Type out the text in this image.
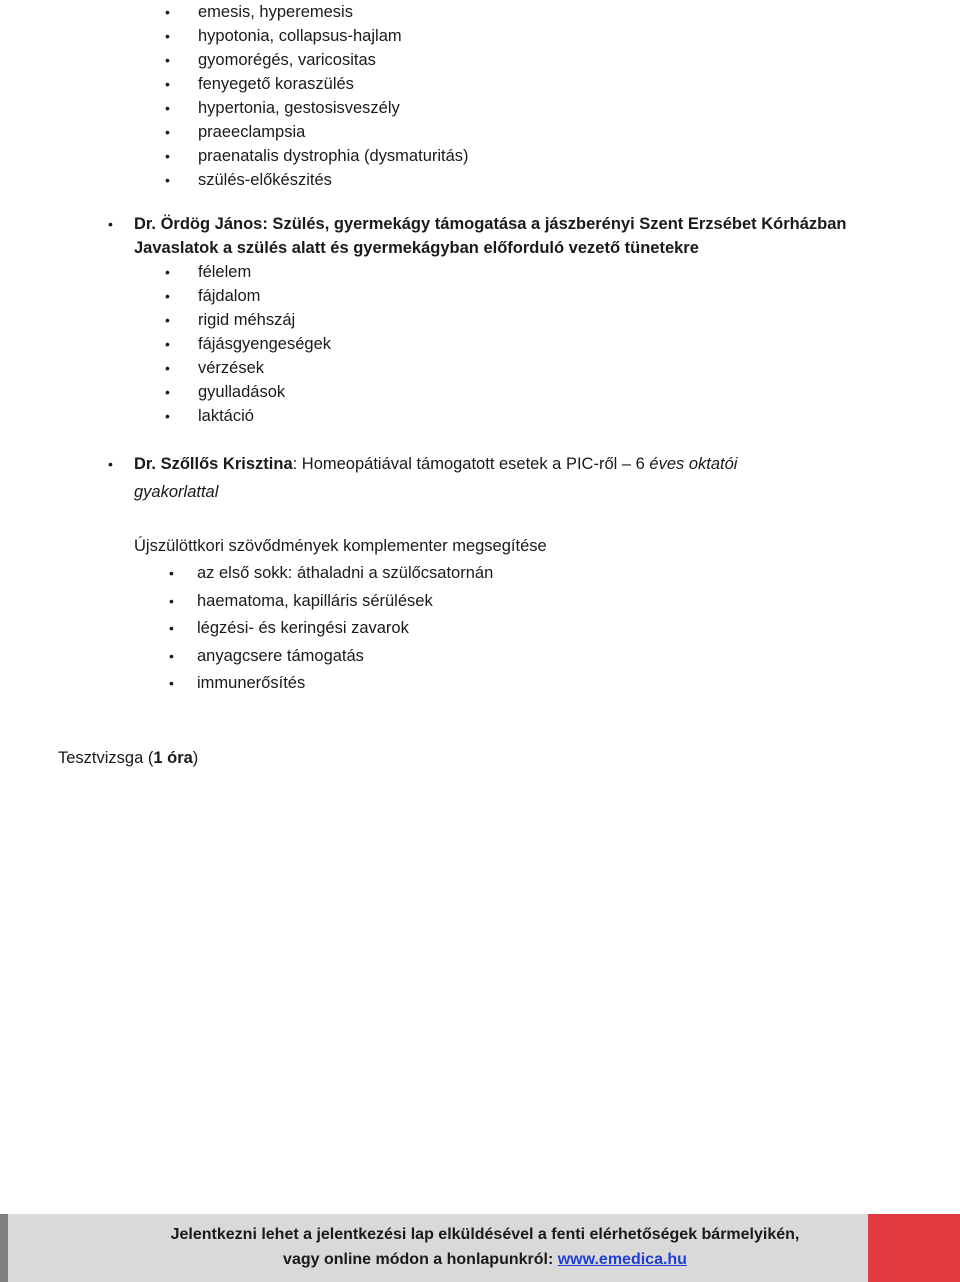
• emesis, hyperemesis
• hypotonia, collapsus-hajlam
• gyomorégés, varicositas
• fenyegető koraszülés
• hypertonia, gestosisveszély
• praeeclampsia
• praenatalis dystrophia (dysmaturitás)
• szülés-előkészités
• Dr. Ördög János: Szülés, gyermekágy támogatása a jászberényi Szent Erzsébet Kórházban
Javaslatok a szülés alatt és gyermekágyban előforduló vezető tünetekre
• félelem
• fájdalom
• rigid méhszáj
• fájásgyengeségek
• vérzések
• gyulladások
• laktáció
• Dr. Szőllős Krisztina: Homeopátiával támogatott esetek a PIC-ről – 6 éves oktatói
gyakorlattal
Újszülöttkori szövődmények komplementer megsegítése
• az első sokk: áthaladni a szülőcsatornán
• haematoma, kapilláris sérülések
• légzési- és keringési zavarok
• anyagcsere támogatás
• immunerősítés
Tesztvizsga (1 óra)
Jelentkezni lehet a jelentkezési lap elküldésével a fenti elérhetőségek bármelyikén,
vagy online módon a honlapunkról: www.emedica.hu
